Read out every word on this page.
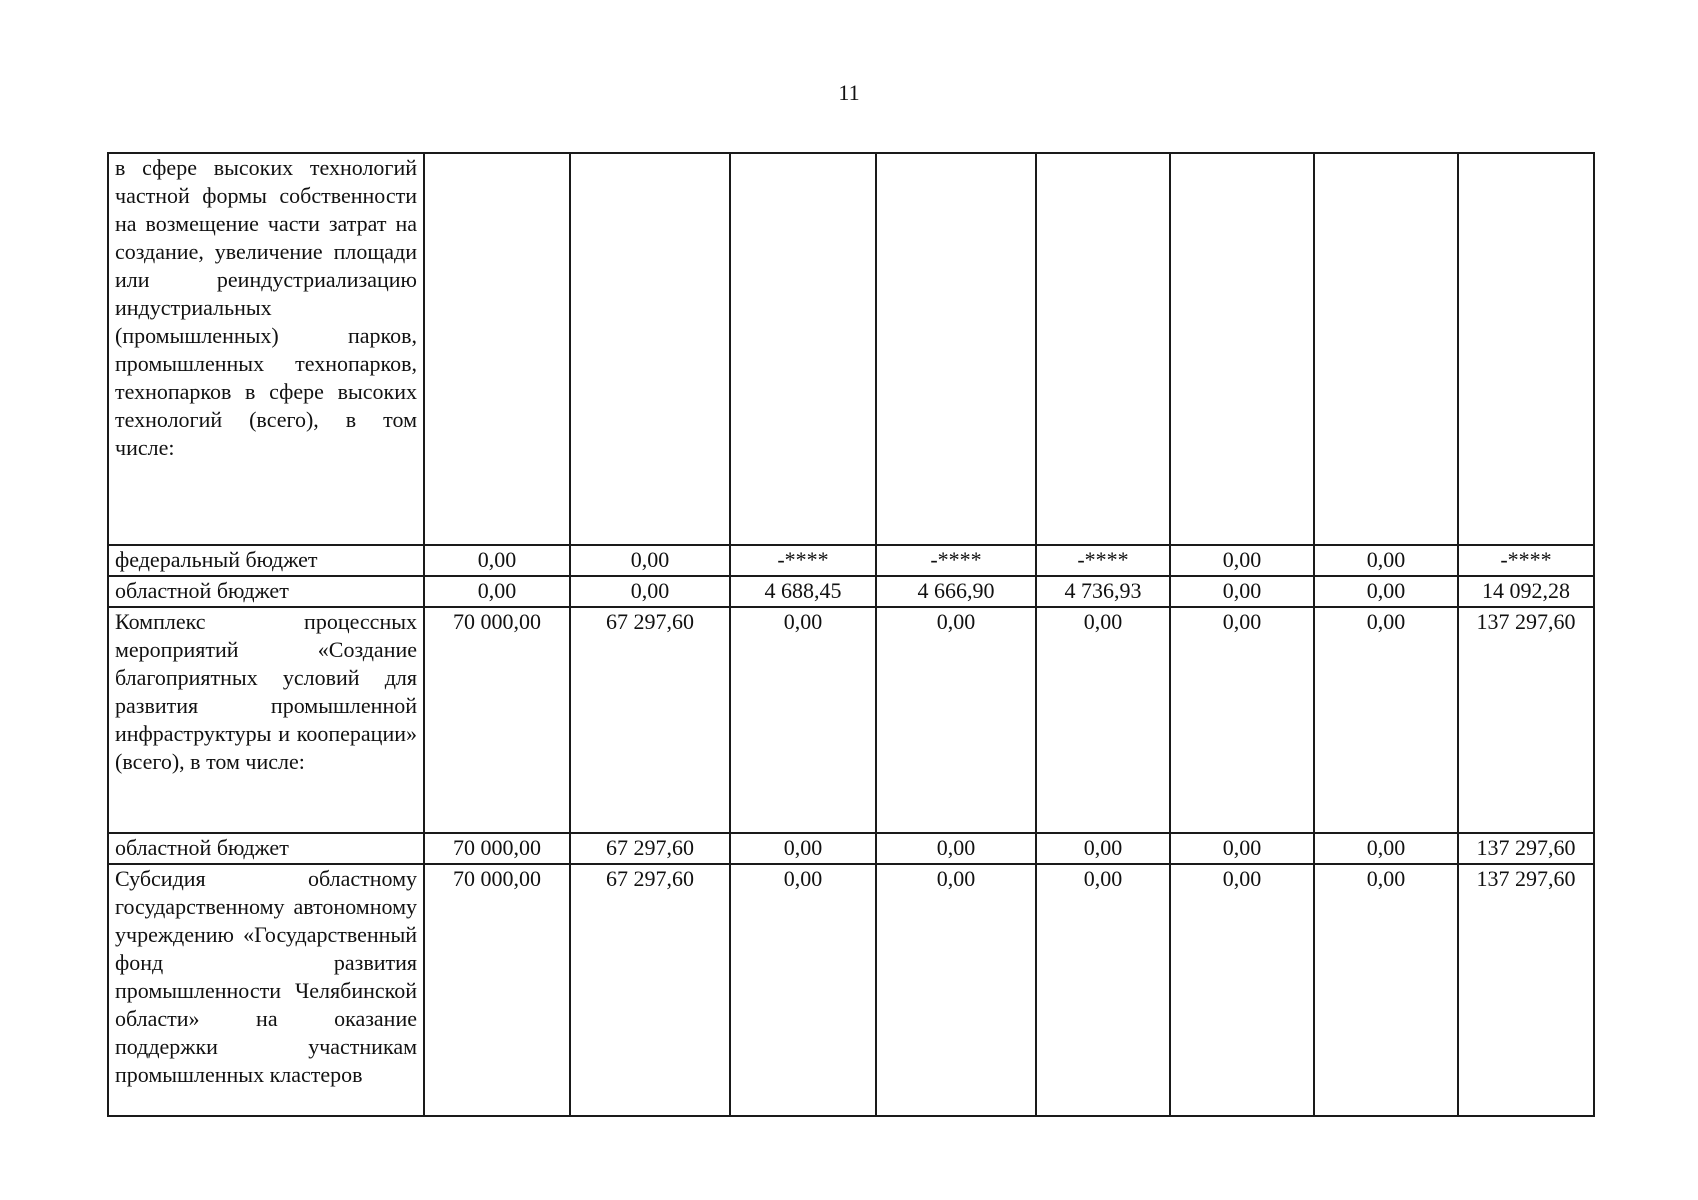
11
в сфере высоких технологий частной формы собственности на возмещение части затрат на создание, увеличение площади или реиндустриализацию индустриальных (промышленных) парков, промышленных технопарков, технопарков в сфере высоких технологий (всего), в том числе:								
федеральный бюджет	0,00	0,00	-****	-****	-****	0,00	0,00	-****
областной бюджет	0,00	0,00	4 688,45	4 666,90	4 736,93	0,00	0,00	14 092,28
Комплекс процессных мероприятий «Создание благоприятных условий для развития промышленной инфраструктуры и кооперации» (всего), в том числе:	70 000,00	67 297,60	0,00	0,00	0,00	0,00	0,00	137 297,60
областной бюджет	70 000,00	67 297,60	0,00	0,00	0,00	0,00	0,00	137 297,60
Субсидия областному государственному автономному учреждению «Государственный фонд развития промышленности Челябинской области» на оказание поддержки участникам промышленных кластеров	70 000,00	67 297,60	0,00	0,00	0,00	0,00	0,00	137 297,60
